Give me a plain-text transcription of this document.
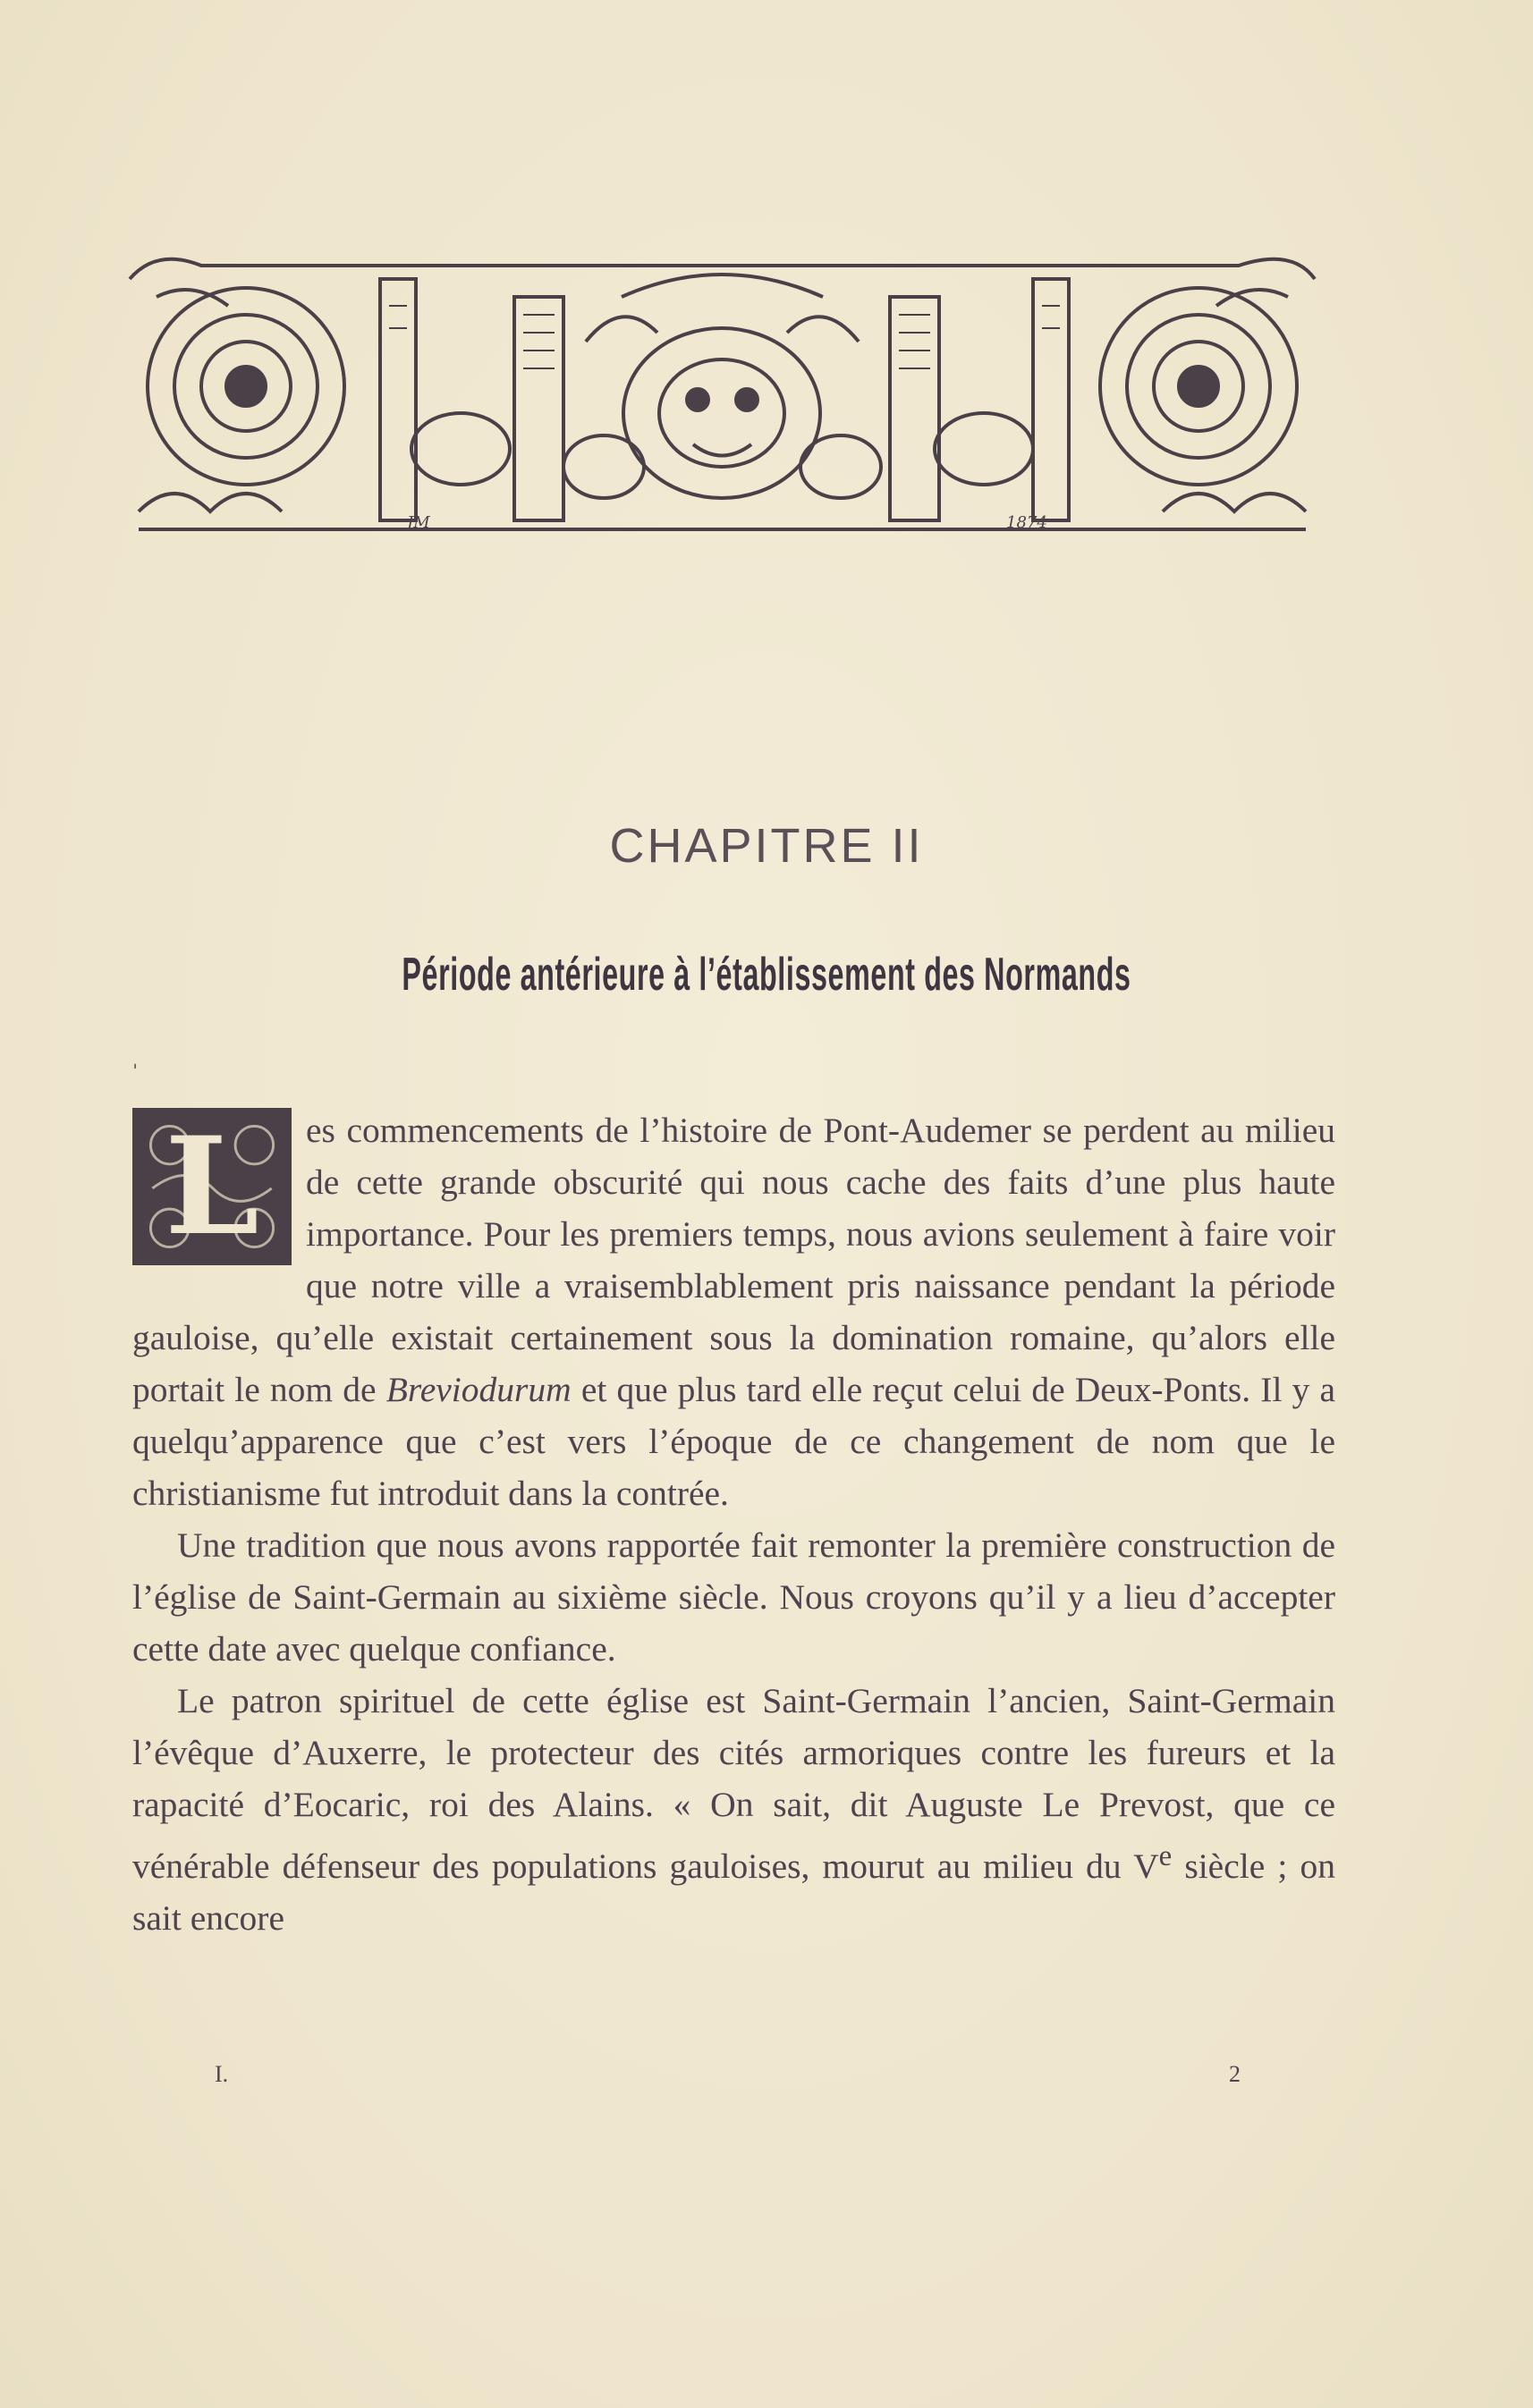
JM	1874
CHAPITRE II
Période antérieure à l’établissement des Normands
ˈ

L	es commencements de l’histoire de Pont-Audemer se perdent au milieu de cette grande obscurité qui nous cache des faits d’une plus haute importance. Pour les premiers temps, nous avions seulement à faire voir que notre ville a vraisemblablement pris naissance pendant la période gauloise, qu’elle existait certainement sous la domination romaine, qu’alors elle portait le nom de Breviodurum et que plus tard elle reçut celui de Deux-Ponts. Il y a quelqu’apparence que c’est vers l’époque de ce changement de nom que le christianisme fut introduit dans la contrée.

Une tradition que nous avons rapportée fait remonter la première construction de l’église de Saint-Germain au sixième siècle. Nous croyons qu’il y a lieu d’accepter cette date avec quelque confiance.

Le patron spirituel de cette église est Saint-Germain l’ancien, Saint-Germain l’évêque d’Auxerre, le protecteur des cités armoriques contre les fureurs et la rapacité d’Eocaric, roi des Alains. « On sait, dit Auguste Le Prevost, que ce vénérable défenseur des populations gauloises, mourut au milieu du Ve siècle ; on sait encore

I.	2
